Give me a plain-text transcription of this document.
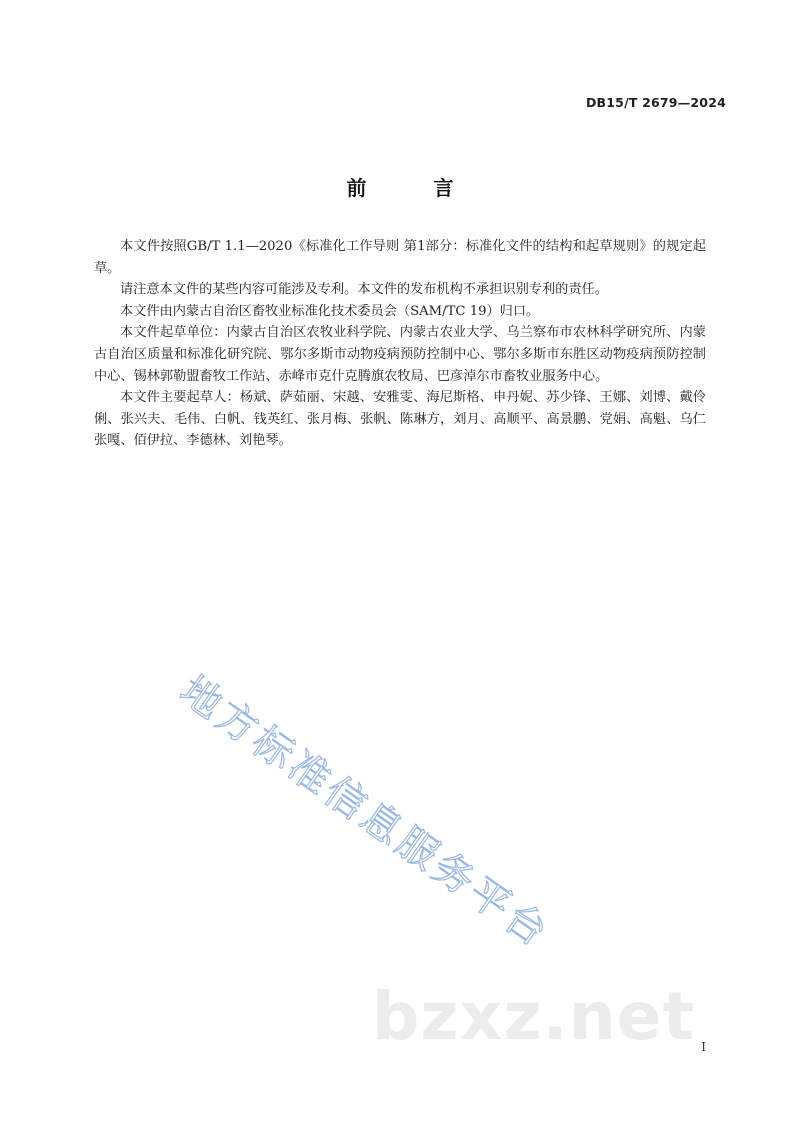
DB15/T 2679—2024
前 言

本文件按照GB/T 1.1—2020《标准化工作导则 第1部分：标准化文件的结构和起草规则》的规定起草。

请注意本文件的某些内容可能涉及专利。本文件的发布机构不承担识别专利的责任。

本文件由内蒙古自治区畜牧业标准化技术委员会（SAM/TC 19）归口。

本文件起草单位：内蒙古自治区农牧业科学院、内蒙古农业大学、乌兰察布市农林科学研究所、内蒙古自治区质量和标准化研究院、鄂尔多斯市动物疫病预防控制中心、鄂尔多斯市东胜区动物疫病预防控制中心、锡林郭勒盟畜牧工作站、赤峰市克什克腾旗农牧局、巴彦淖尔市畜牧业服务中心。

本文件主要起草人：杨斌、萨茹丽、宋越、安雅雯、海尼斯格、申丹妮、苏少锋、王娜、刘博、戴伶俐、张兴夫、毛伟、白帆、钱英红、张月梅、张帆、陈琳方，刘月、高顺平、高景鹏、党娟、高魁、乌仁张嘎、佰伊拉、李德林、刘艳琴。

地方标准信息服务平台
bzxz.net I
